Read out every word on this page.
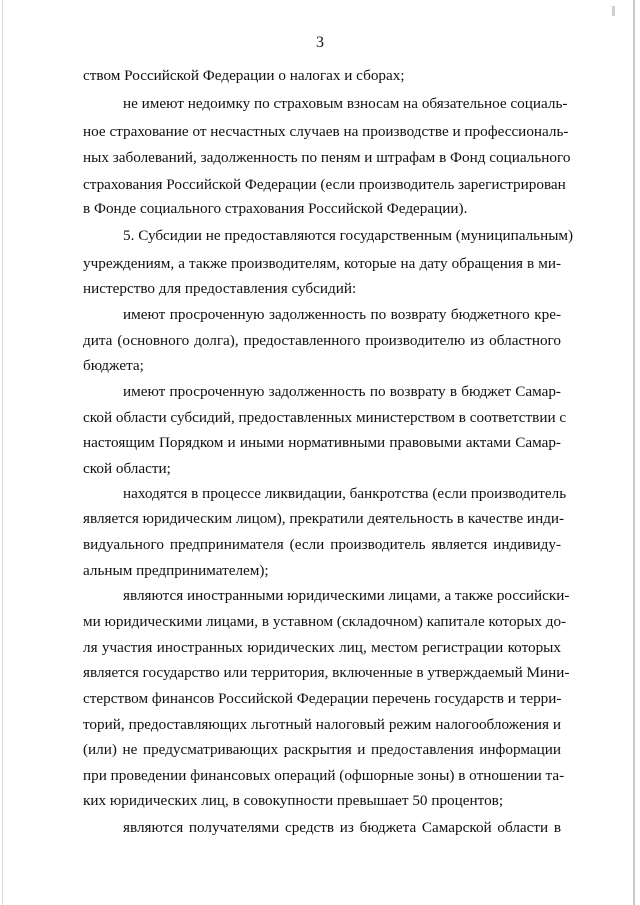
3
ством Российской Федерации о налогах и сборах;
не имеют недоимку по страховым взносам на обязательное социаль-
ное страхование от несчастных случаев на производстве и профессиональ-
ных заболеваний, задолженность по пеням и штрафам в Фонд социального
страхования Российской Федерации (если производитель зарегистрирован
в Фонде социального страхования Российской Федерации).
5. Субсидии не предоставляются государственным (муниципальным)
учреждениям, а также производителям, которые на дату обращения в ми-
нистерство для предоставления субсидий:
имеют просроченную задолженность по возврату бюджетного кре-
дита (основного долга), предоставленного производителю из областного
бюджета;
имеют просроченную задолженность по возврату в бюджет Самар-
ской области субсидий, предоставленных министерством в соответствии с
настоящим Порядком и иными нормативными правовыми актами Самар-
ской области;
находятся в процессе ликвидации, банкротства (если производитель
является юридическим лицом), прекратили деятельность в качестве инди-
видуального предпринимателя (если производитель является индивиду-
альным предпринимателем);
являются иностранными юридическими лицами, а также российски-
ми юридическими лицами, в уставном (складочном) капитале которых до-
ля участия иностранных юридических лиц, местом регистрации которых
является государство или территория, включенные в утверждаемый Мини-
стерством финансов Российской Федерации перечень государств и терри-
торий, предоставляющих льготный налоговый режим налогообложения и
(или) не предусматривающих раскрытия и предоставления информации
при проведении финансовых операций (офшорные зоны) в отношении та-
ких юридических лиц, в совокупности превышает 50 процентов;
являются получателями средств из бюджета Самарской области в
